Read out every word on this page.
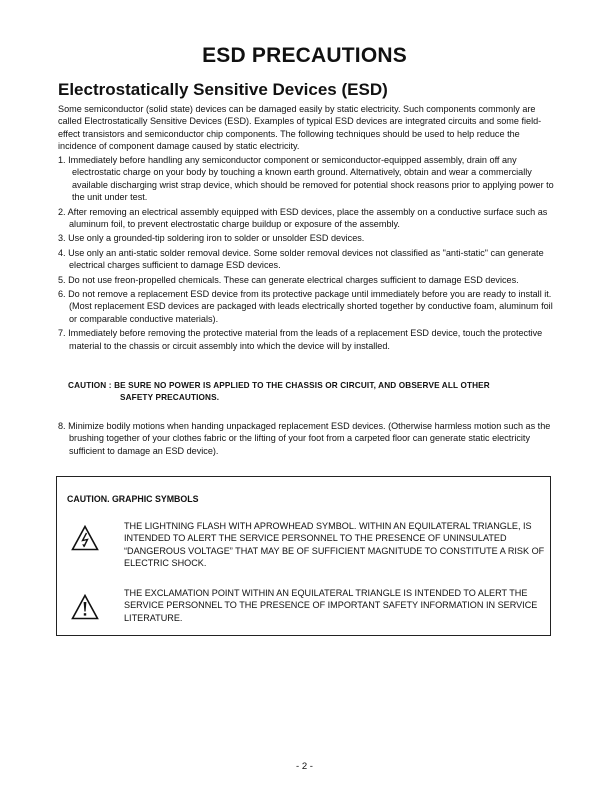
ESD PRECAUTIONS
Electrostatically Sensitive Devices (ESD)

Some semiconductor (solid state) devices can be damaged easily by static electricity. Such components commonly are called Electrostatically Sensitive Devices (ESD). Examples of typical ESD devices are integrated circuits and some field-effect transistors and semiconductor chip components. The following techniques should be used to help reduce the incidence of component damage caused by static electricity.

1. Immediately before handling any semiconductor component or semiconductor-equipped assembly, drain off any electrostatic charge on your body by touching a known earth ground. Alternatively, obtain and wear a commercially available discharging wrist strap device, which should be removed for potential shock reasons prior to applying power to the unit under test.
2. After removing an electrical assembly equipped with ESD devices, place the assembly on a conductive surface such as aluminum foil, to prevent electrostatic charge buildup or exposure of the assembly.
3. Use only a grounded-tip soldering iron to solder or unsolder ESD devices.
4. Use only an anti-static solder removal device. Some solder removal devices not classified as "anti-static" can generate electrical charges sufficient to damage ESD devices.
5. Do not use freon-propelled chemicals. These can generate electrical charges sufficient to damage ESD devices.
6. Do not remove a replacement ESD device from its protective package until immediately before you are ready to install it. (Most replacement ESD devices are packaged with leads electrically shorted together by conductive foam, aluminum foil or comparable conductive materials).
7. Immediately before removing the protective material from the leads of a replacement ESD device, touch the protective material to the chassis or circuit assembly into which the device will by installed.
CAUTION : BE SURE NO POWER IS APPLIED TO THE CHASSIS OR CIRCUIT, AND OBSERVE ALL OTHER
SAFETY PRECAUTIONS.
8. Minimize bodily motions when handing unpackaged replacement ESD devices. (Otherwise harmless motion such as the brushing together of your clothes fabric or the lifting of your foot from a carpeted floor can generate static electricity sufficient to damage an ESD device).
CAUTION. GRAPHIC SYMBOLS
THE LIGHTNING FLASH WITH APROWHEAD SYMBOL. WITHIN AN EQUILATERAL TRIANGLE, IS INTENDED TO ALERT THE SERVICE PERSONNEL TO THE PRESENCE OF UNINSULATED “DANGEROUS VOLTAGE” THAT MAY BE OF SUFFICIENT MAGNITUDE TO CONSTITUTE A RISK OF ELECTRIC SHOCK.
THE EXCLAMATION POINT WITHIN AN EQUILATERAL TRIANGLE IS INTENDED TO ALERT THE SERVICE PERSONNEL TO THE PRESENCE OF IMPORTANT SAFETY INFORMATION IN SERVICE LITERATURE.
- 2 -
